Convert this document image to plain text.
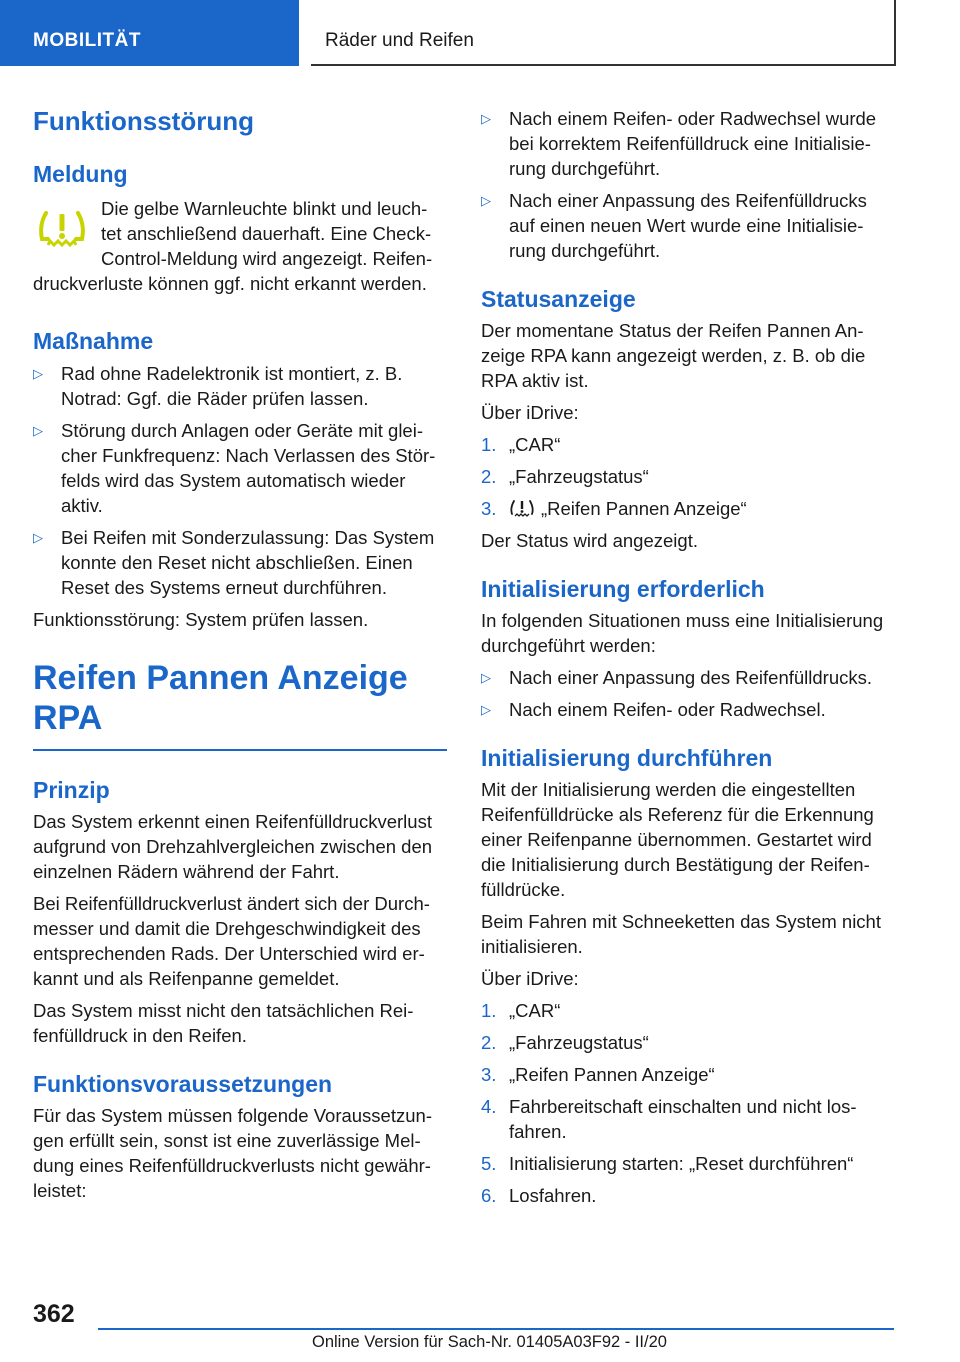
MOBILITÄT	Räder und Reifen
Funktionsstörung
Meldung
Die gelbe Warnleuchte blinkt und leuch-
tet anschließend dauerhaft. Eine Check-
Control-Meldung wird angezeigt. Reifen-
druckverluste können ggf. nicht erkannt werden.
Maßnahme
▷ Rad ohne Radelektronik ist montiert, z. B. Notrad: Ggf. die Räder prüfen lassen.
▷ Störung durch Anlagen oder Geräte mit glei-cher Funkfrequenz: Nach Verlassen des Stör-felds wird das System automatisch wieder aktiv.
▷ Bei Reifen mit Sonderzulassung: Das System konnte den Reset nicht abschließen. Einen Reset des Systems erneut durchführen.
Funktionsstörung: System prüfen lassen.
Reifen Pannen Anzeige
RPA
Prinzip
Das System erkennt einen Reifenfülldruckverlust aufgrund von Drehzahlvergleichen zwischen den einzelnen Rädern während der Fahrt.
Bei Reifenfülldruckverlust ändert sich der Durch-messer und damit die Drehgeschwindigkeit des entsprechenden Rads. Der Unterschied wird er-kannt und als Reifenpanne gemeldet.
Das System misst nicht den tatsächlichen Rei-fenfülldruck in den Reifen.
Funktionsvoraussetzungen
Für das System müssen folgende Voraussetzun-gen erfüllt sein, sonst ist eine zuverlässige Mel-dung eines Reifenfülldruckverlusts nicht gewähr-leistet:
▷ Nach einem Reifen- oder Radwechsel wurde bei korrektem Reifenfülldruck eine Initialisie-rung durchgeführt.
▷ Nach einer Anpassung des Reifenfülldrucks auf einen neuen Wert wurde eine Initialisie-rung durchgeführt.
Statusanzeige
Der momentane Status der Reifen Pannen An-zeige RPA kann angezeigt werden, z. B. ob die RPA aktiv ist.
Über iDrive:
1. „CAR“
2. „Fahrzeugstatus“
3. „Reifen Pannen Anzeige“
Der Status wird angezeigt.
Initialisierung erforderlich
In folgenden Situationen muss eine Initialisierung durchgeführt werden:
▷ Nach einer Anpassung des Reifenfülldrucks.
▷ Nach einem Reifen- oder Radwechsel.
Initialisierung durchführen
Mit der Initialisierung werden die eingestellten Reifenfülldrücke als Referenz für die Erkennung einer Reifenpanne übernommen. Gestartet wird die Initialisierung durch Bestätigung der Reifen-fülldrücke.
Beim Fahren mit Schneeketten das System nicht initialisieren.
Über iDrive:
1. „CAR“
2. „Fahrzeugstatus“
3. „Reifen Pannen Anzeige“
4. Fahrbereitschaft einschalten und nicht los-fahren.
5. Initialisierung starten: „Reset durchführen“
6. Losfahren.
362
Online Version für Sach-Nr. 01405A03F92 - II/20
